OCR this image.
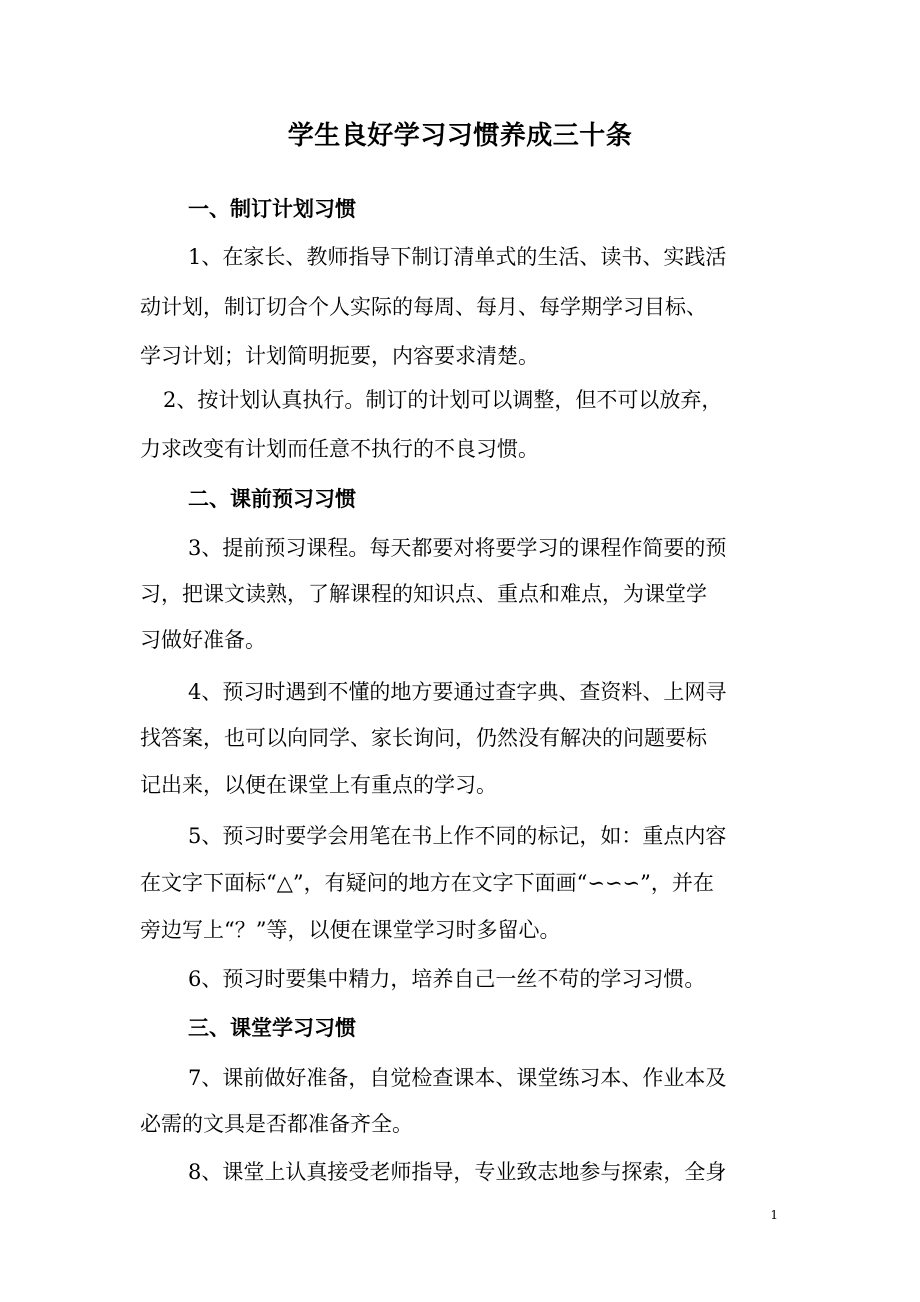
学生良好学习习惯养成三十条
一、制订计划习惯
1、在家长、教师指导下制订清单式的生活、读书、实践活
动计划，制订切合个人实际的每周、每月、每学期学习目标、
学习计划；计划简明扼要，内容要求清楚。
2、按计划认真执行。制订的计划可以调整，但不可以放弃，
力求改变有计划而任意不执行的不良习惯。
二、课前预习习惯
3、提前预习课程。每天都要对将要学习的课程作简要的预
习，把课文读熟，了解课程的知识点、重点和难点，为课堂学
习做好准备。
4、预习时遇到不懂的地方要通过查字典、查资料、上网寻
找答案，也可以向同学、家长询问，仍然没有解决的问题要标
记出来，以便在课堂上有重点的学习。
5、预习时要学会用笔在书上作不同的标记，如：重点内容
在文字下面标“△”，有疑问的地方在文字下面画“∽∽∽”，并在
旁边写上“？”等，以便在课堂学习时多留心。
6、预习时要集中精力，培养自己一丝不苟的学习习惯。
三、课堂学习习惯
7、课前做好准备，自觉检查课本、课堂练习本、作业本及
必需的文具是否都准备齐全。
8、课堂上认真接受老师指导，专业致志地参与探索，全身
1
